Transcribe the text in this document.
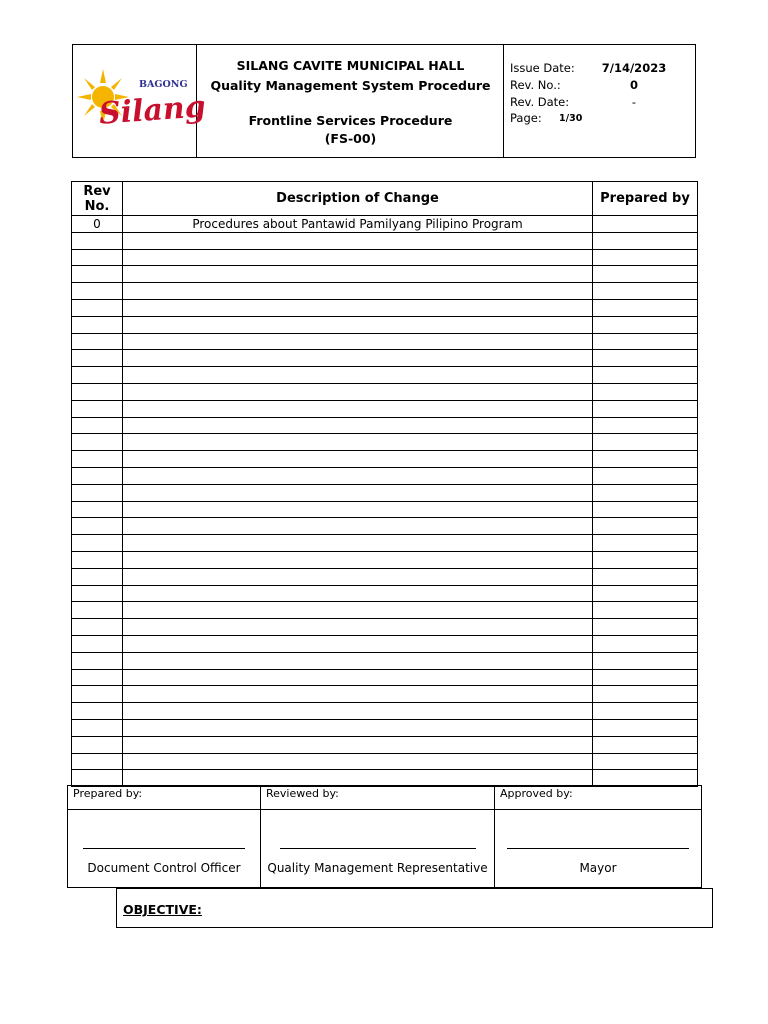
BAGONG
Silang
SILANG CAVITE MUNICIPAL HALL
Quality Management System Procedure
Frontline Services Procedure
(FS-00)
Issue Date:	7/14/2023
Rev. No.:	0
Rev. Date:	-
Page: 1/30
Rev No.	Description of Change	Prepared by
0	Procedures about Pantawid Pamilyang Pilipino Program	

Prepared by:	Reviewed by:	Approved by:

Document Control Officer	Quality Management Representative	Mayor
OBJECTIVE:
